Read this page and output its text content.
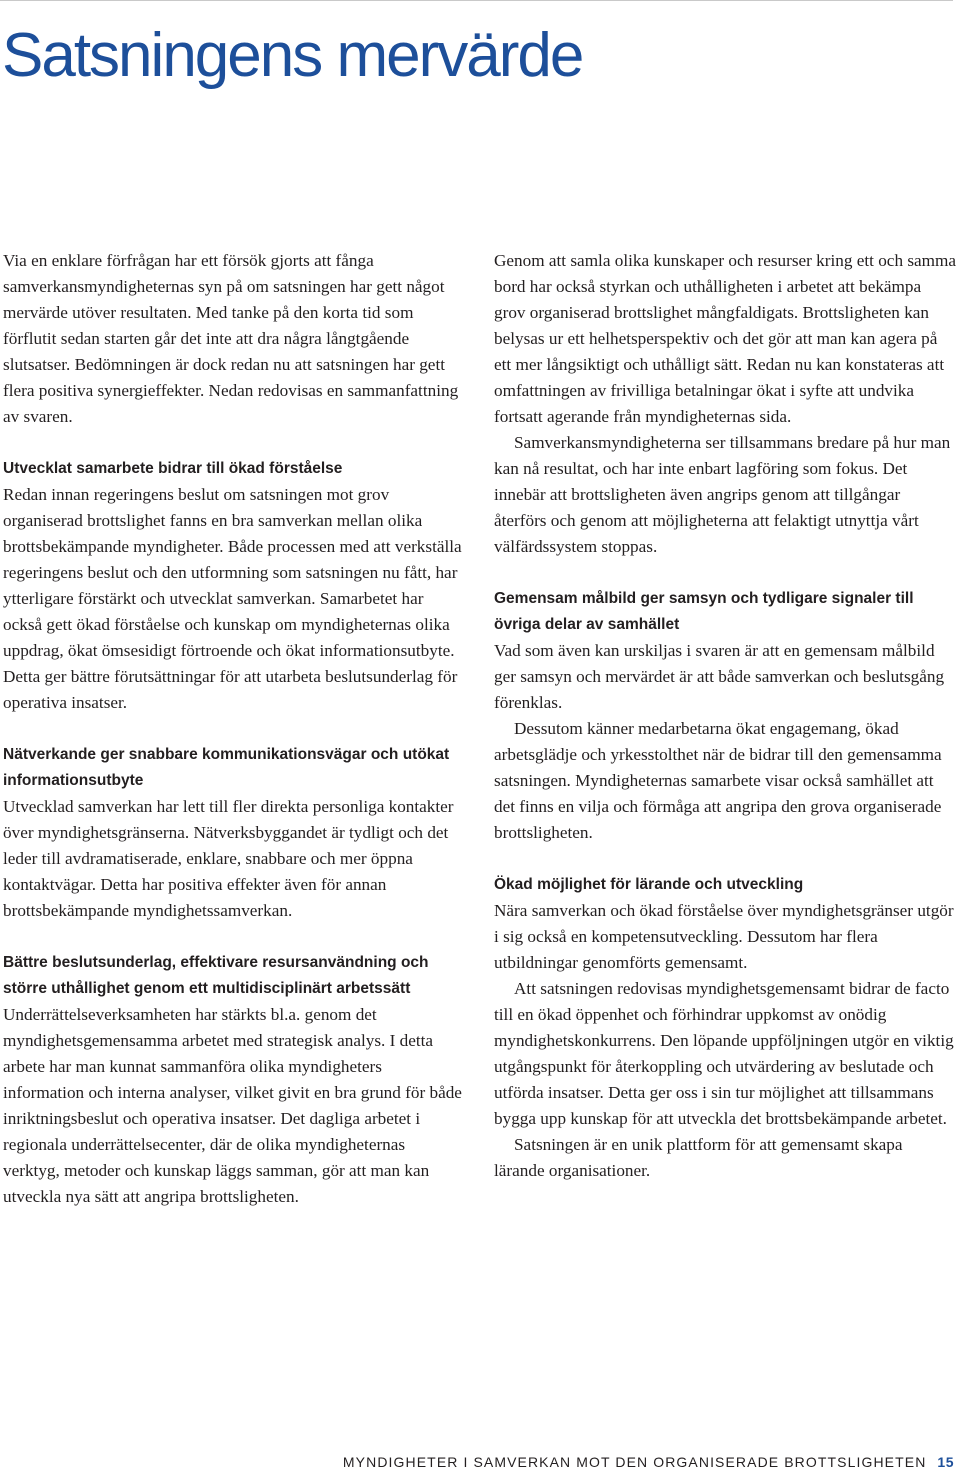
Satsningens mervärde

Via en enklare förfrågan har ett försök gjorts att fånga samverkansmyndigheternas syn på om satsningen har gett något mervärde utöver resultaten. Med tanke på den korta tid som förflutit sedan starten går det inte att dra några långtgående slutsatser. Bedömningen är dock redan nu att satsningen har gett flera positiva synergieffekter. Nedan redovisas en sammanfattning av svaren.

Utvecklat samarbete bidrar till ökad förståelse

Redan innan regeringens beslut om satsningen mot grov organiserad brottslighet fanns en bra samverkan mellan olika brottsbekämpande myndigheter. Både processen med att verkställa regeringens beslut och den utformning som satsningen nu fått, har ytterligare förstärkt och utvecklat samverkan. Samarbetet har också gett ökad förståelse och kunskap om myndigheternas olika uppdrag, ökat ömsesidigt förtroende och ökat informationsutbyte. Detta ger bättre förutsättningar för att utarbeta beslutsunderlag för operativa insatser.

Nätverkande ger snabbare kommunikationsvägar och utökat informationsutbyte

Utvecklad samverkan har lett till fler direkta personliga kontakter över myndighetsgränserna. Nätverksbyggandet är tydligt och det leder till avdramatiserade, enklare, snabbare och mer öppna kontaktvägar. Detta har positiva effekter även för annan brottsbekämpande myndighetssamverkan.

Bättre beslutsunderlag, effektivare resursanvändning och större uthållighet genom ett multidisciplinärt arbetssätt

Underrättelseverksamheten har stärkts bl.a. genom det myndighetsgemensamma arbetet med strategisk analys. I detta arbete har man kunnat sammanföra olika myndigheters information och interna analyser, vilket givit en bra grund för både inriktningsbeslut och operativa insatser. Det dagliga arbetet i regionala underrättelsecenter, där de olika myndigheternas verktyg, metoder och kunskap läggs samman, gör att man kan utveckla nya sätt att angripa brottsligheten.

Genom att samla olika kunskaper och resurser kring ett och samma bord har också styrkan och uthålligheten i arbetet att bekämpa grov organiserad brottslighet mångfaldigats. Brottsligheten kan belysas ur ett helhetsperspektiv och det gör att man kan agera på ett mer långsiktigt och uthålligt sätt. Redan nu kan konstateras att omfattningen av frivilliga betalningar ökat i syfte att undvika fortsatt agerande från myndigheternas sida.

Samverkansmyndigheterna ser tillsammans bredare på hur man kan nå resultat, och har inte enbart lagföring som fokus. Det innebär att brottsligheten även angrips genom att tillgångar återförs och genom att möjligheterna att felaktigt utnyttja vårt välfärdssystem stoppas.

Gemensam målbild ger samsyn och tydligare signaler till övriga delar av samhället

Vad som även kan urskiljas i svaren är att en gemensam målbild ger samsyn och mervärdet är att både samverkan och beslutsgång förenklas.

Dessutom känner medarbetarna ökat engagemang, ökad arbetsglädje och yrkesstolthet när de bidrar till den gemensamma satsningen. Myndigheternas samarbete visar också samhället att det finns en vilja och förmåga att angripa den grova organiserade brottsligheten.

Ökad möjlighet för lärande och utveckling

Nära samverkan och ökad förståelse över myndighetsgränser utgör i sig också en kompetensutveckling. Dessutom har flera utbildningar genomförts gemensamt.

Att satsningen redovisas myndighetsgemensamt bidrar de facto till en ökad öppenhet och förhindrar uppkomst av onödig myndighetskonkurrens. Den löpande uppföljningen utgör en viktig utgångspunkt för återkoppling och utvärdering av beslutade och utförda insatser. Detta ger oss i sin tur möjlighet att tillsammans bygga upp kunskap för att utveckla det brottsbekämpande arbetet.

Satsningen är en unik plattform för att gemensamt skapa lärande organisationer.

MYNDIGHETER I SAMVERKAN MOT DEN ORGANISERADE BROTTSLIGHETEN 15
